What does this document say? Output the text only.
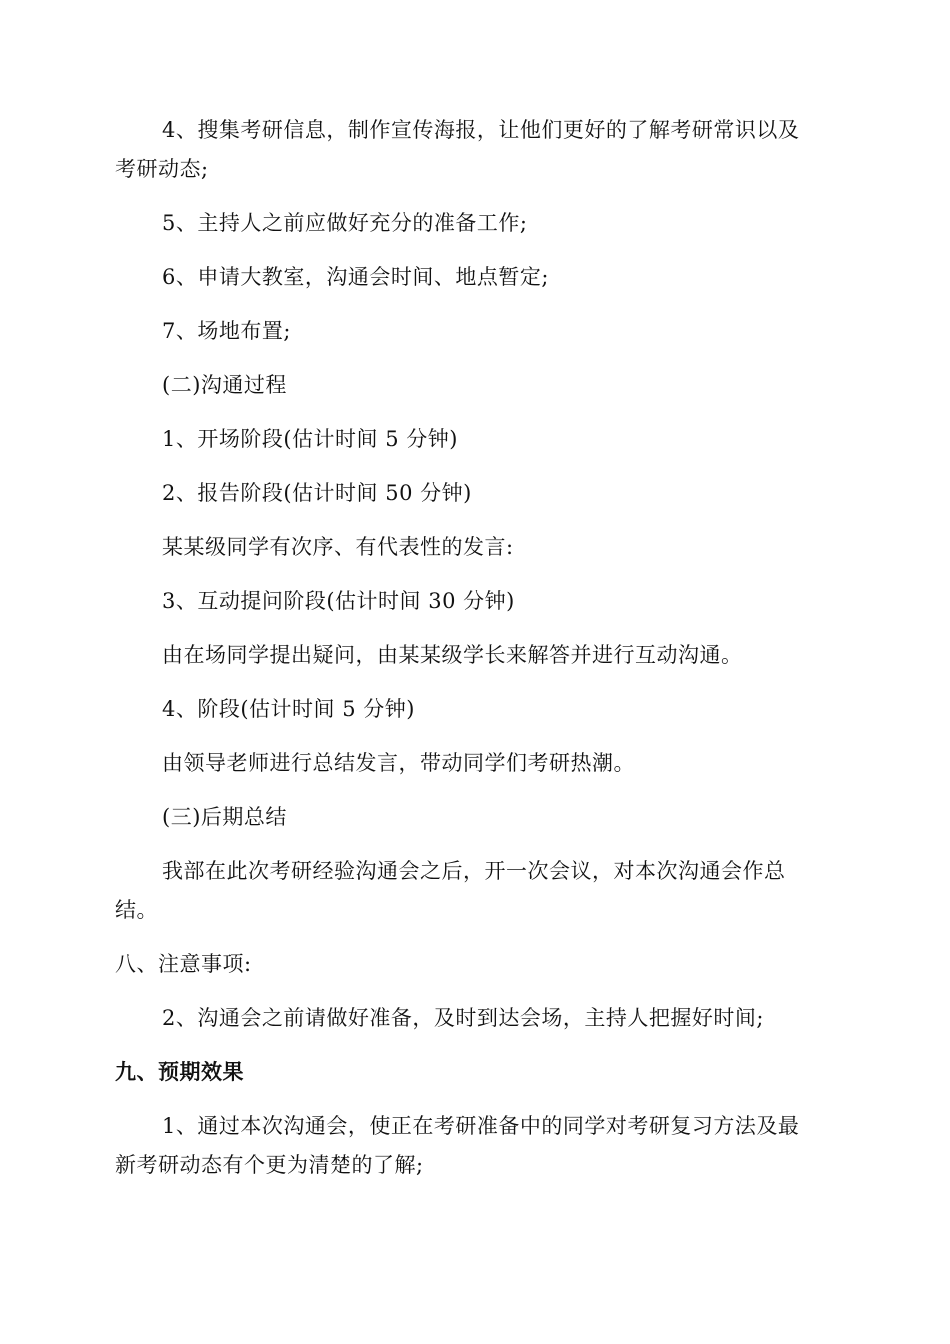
4、搜集考研信息，制作宣传海报，让他们更好的了解考研常识以及
考研动态;
5、主持人之前应做好充分的准备工作;
6、申请大教室，沟通会时间、地点暂定;
7、场地布置;
(二)沟通过程
1、开场阶段(估计时间 5 分钟)
2、报告阶段(估计时间 50 分钟)
某某级同学有次序、有代表性的发言:
3、互动提问阶段(估计时间 30 分钟)
由在场同学提出疑问，由某某级学长来解答并进行互动沟通。
4、阶段(估计时间 5 分钟)
由领导老师进行总结发言，带动同学们考研热潮。
(三)后期总结
我部在此次考研经验沟通会之后，开一次会议，对本次沟通会作总
结。
八、注意事项:
2、沟通会之前请做好准备，及时到达会场，主持人把握好时间;
九、预期效果
1、通过本次沟通会，使正在考研准备中的同学对考研复习方法及最
新考研动态有个更为清楚的了解;
